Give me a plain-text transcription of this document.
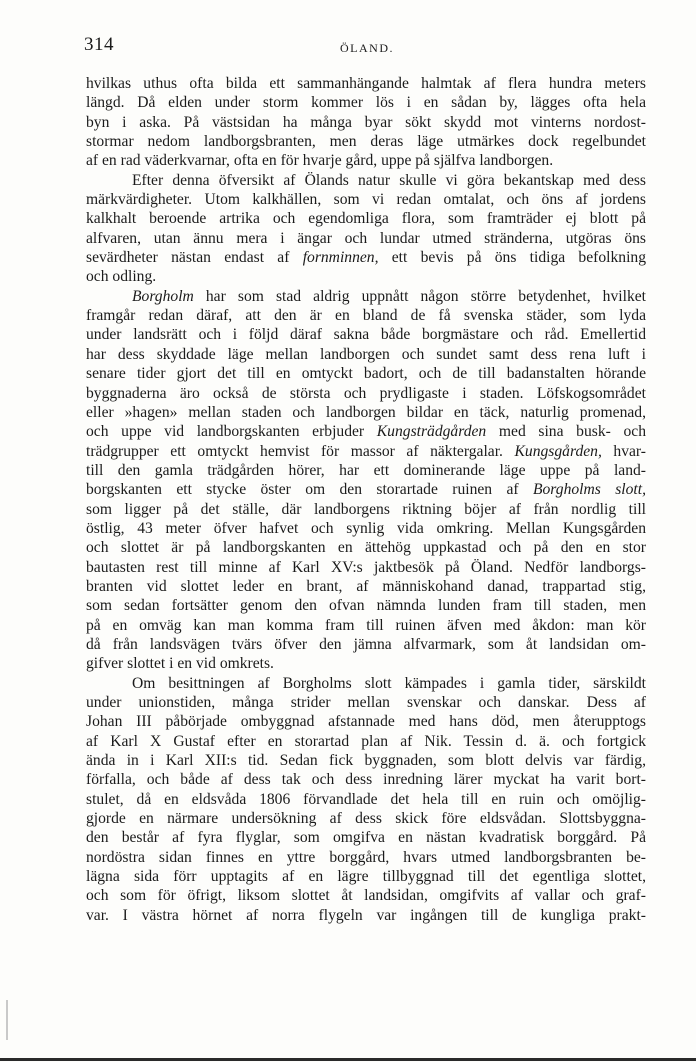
314	ÖLAND.
hvilkas uthus ofta bilda ett sammanhängande halmtak af flera hundra meters
längd. Då elden under storm kommer lös i en sådan by, lägges ofta hela
byn i aska. På västsidan ha många byar sökt skydd mot vinterns nordost-
stormar nedom landborgsbranten, men deras läge utmärkes dock regelbundet
af en rad väderkvarnar, ofta en för hvarje gård, uppe på själfva landborgen.
Efter denna öfversikt af Ölands natur skulle vi göra bekantskap med dess
märkvärdigheter. Utom kalkhällen, som vi redan omtalat, och öns af jordens
kalkhalt beroende artrika och egendomliga flora, som framträder ej blott på
alfvaren, utan ännu mera i ängar och lundar utmed stränderna, utgöras öns
sevärdheter nästan endast af fornminnen, ett bevis på öns tidiga befolkning
och odling.
Borgholm har som stad aldrig uppnått någon större betydenhet, hvilket
framgår redan däraf, att den är en bland de få svenska städer, som lyda
under landsrätt och i följd däraf sakna både borgmästare och råd. Emellertid
har dess skyddade läge mellan landborgen och sundet samt dess rena luft i
senare tider gjort det till en omtyckt badort, och de till badanstalten hörande
byggnaderna äro också de största och prydligaste i staden. Löfskogsområdet
eller »hagen» mellan staden och landborgen bildar en täck, naturlig promenad,
och uppe vid landborgskanten erbjuder Kungsträdgården med sina busk- och
trädgrupper ett omtyckt hemvist för massor af näktergalar. Kungsgården, hvar-
till den gamla trädgården hörer, har ett dominerande läge uppe på land-
borgskanten ett stycke öster om den storartade ruinen af Borgholms slott,
som ligger på det ställe, där landborgens riktning böjer af från nordlig till
östlig, 43 meter öfver hafvet och synlig vida omkring. Mellan Kungsgården
och slottet är på landborgskanten en ättehög uppkastad och på den en stor
bautasten rest till minne af Karl XV:s jaktbesök på Öland. Nedför landborgs-
branten vid slottet leder en brant, af människohand danad, trappartad stig,
som sedan fortsätter genom den ofvan nämnda lunden fram till staden, men
på en omväg kan man komma fram till ruinen äfven med åkdon: man kör
då från landsvägen tvärs öfver den jämna alfvarmark, som åt landsidan om-
gifver slottet i en vid omkrets.
Om besittningen af Borgholms slott kämpades i gamla tider, särskildt
under unionstiden, många strider mellan svenskar och danskar. Dess af
Johan III påbörjade ombyggnad afstannade med hans död, men återupptogs
af Karl X Gustaf efter en storartad plan af Nik. Tessin d. ä. och fortgick
ända in i Karl XII:s tid. Sedan fick byggnaden, som blott delvis var färdig,
förfalla, och både af dess tak och dess inredning lärer myckat ha varit bort-
stulet, då en eldsvåda 1806 förvandlade det hela till en ruin och omöjlig-
gjorde en närmare undersökning af dess skick före eldsvådan. Slottsbyggna-
den består af fyra flyglar, som omgifva en nästan kvadratisk borggård. På
nordöstra sidan finnes en yttre borggård, hvars utmed landborgsbranten be-
lägna sida förr upptagits af en lägre tillbyggnad till det egentliga slottet,
och som för öfrigt, liksom slottet åt landsidan, omgifvits af vallar och graf-
var. I västra hörnet af norra flygeln var ingången till de kungliga prakt-
